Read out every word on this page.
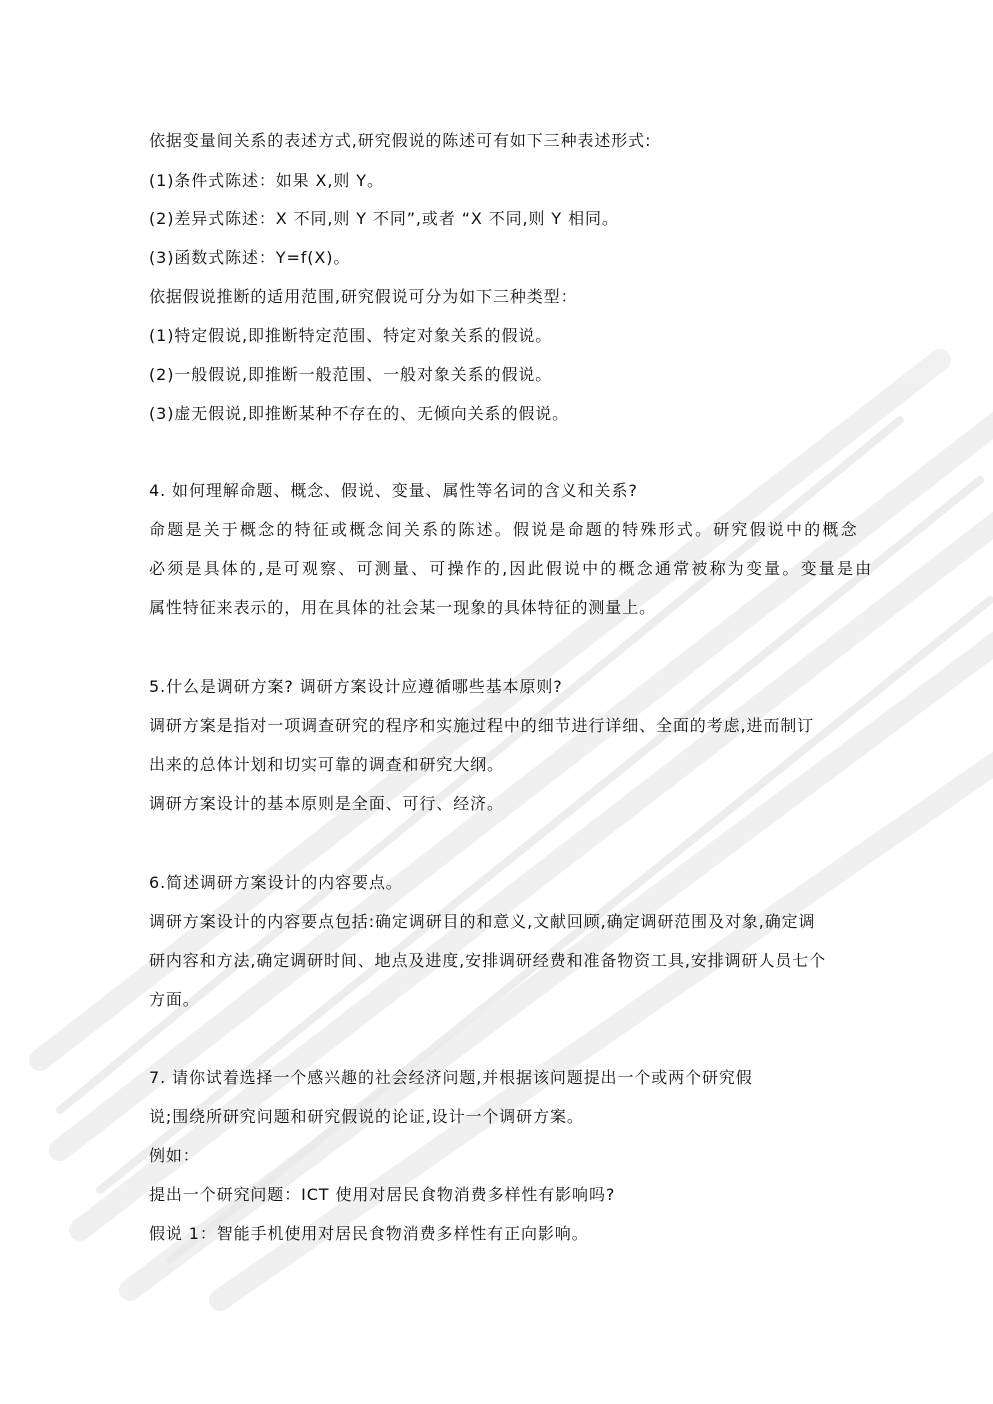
依据变量间关系的表述方式,研究假说的陈述可有如下三种表述形式:
(1)条件式陈述：如果 X,则 Y。
(2)差异式陈述：X 不同,则 Y 不同”,或者 “X 不同,则 Y 相同。
(3)函数式陈述：Y=f(X)。
依据假说推断的适用范围,研究假说可分为如下三种类型：
(1)特定假说,即推断特定范围、特定对象关系的假说。
(2)一般假说,即推断一般范围、一般对象关系的假说。
(3)虚无假说,即推断某种不存在的、无倾向关系的假说。
4. 如何理解命题、概念、假说、变量、属性等名词的含义和关系?
命题是关于概念的特征或概念间关系的陈述。假说是命题的特殊形式。研究假说中的概念
必须是具体的,是可观察、可测量、可操作的,因此假说中的概念通常被称为变量。变量是由
属性特征来表示的，用在具体的社会某一现象的具体特征的测量上。
5.什么是调研方案? 调研方案设计应遵循哪些基本原则?
调研方案是指对一项调查研究的程序和实施过程中的细节进行详细、全面的考虑,进而制订
出来的总体计划和切实可靠的调查和研究大纲。
调研方案设计的基本原则是全面、可行、经济。
6.简述调研方案设计的内容要点。
调研方案设计的内容要点包括:确定调研目的和意义,文献回顾,确定调研范围及对象,确定调
研内容和方法,确定调研时间、地点及进度,安排调研经费和准备物资工具,安排调研人员七个
方面。
7. 请你试着选择一个感兴趣的社会经济问题,并根据该问题提出一个或两个研究假
说;围绕所研究问题和研究假说的论证,设计一个调研方案。
例如：
提出一个研究问题：ICT 使用对居民食物消费多样性有影响吗?
假说 1：智能手机使用对居民食物消费多样性有正向影响。
